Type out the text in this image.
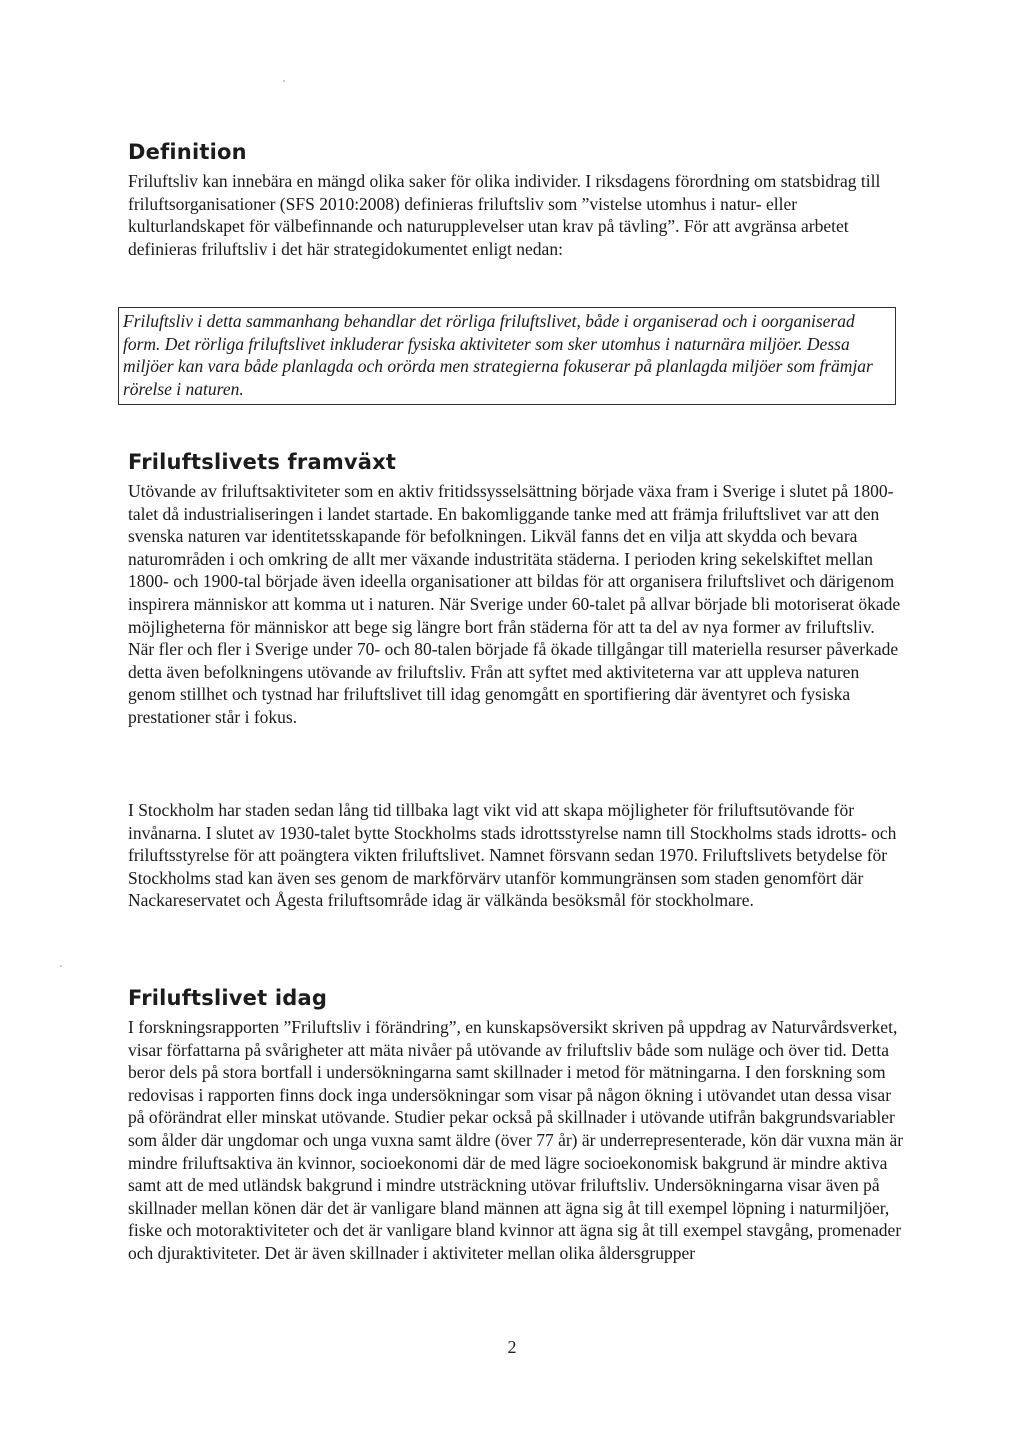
Definition

Friluftsliv kan innebära en mängd olika saker för olika individer. I riksdagens förordning om statsbidrag till friluftsorganisationer (SFS 2010:2008) definieras friluftsliv som ”vistelse utomhus i natur- eller kulturlandskapet för välbefinnande och naturupplevelser utan krav på tävling”. För att avgränsa arbetet definieras friluftsliv i det här strategidokumentet enligt nedan:

Friluftsliv i detta sammanhang behandlar det rörliga friluftslivet, både i organiserad och i oorganiserad form. Det rörliga friluftslivet inkluderar fysiska aktiviteter som sker utomhus i naturnära miljöer. Dessa miljöer kan vara både planlagda och orörda men strategierna fokuserar på planlagda miljöer som främjar rörelse i naturen.

Friluftslivets framväxt

Utövande av friluftsaktiviteter som en aktiv fritidssysselsättning började växa fram i Sverige i slutet på 1800-talet då industrialiseringen i landet startade. En bakomliggande tanke med att främja friluftslivet var att den svenska naturen var identitetsskapande för befolkningen. Likväl fanns det en vilja att skydda och bevara naturområden i och omkring de allt mer växande industritäta städerna. I perioden kring sekelskiftet mellan 1800- och 1900-tal började även ideella organisationer att bildas för att organisera friluftslivet och därigenom inspirera människor att komma ut i naturen. När Sverige under 60-talet på allvar började bli motoriserat ökade möjligheterna för människor att bege sig längre bort från städerna för att ta del av nya former av friluftsliv. När fler och fler i Sverige under 70- och 80-talen började få ökade tillgångar till materiella resurser påverkade detta även befolkningens utövande av friluftsliv. Från att syftet med aktiviteterna var att uppleva naturen genom stillhet och tystnad har friluftslivet till idag genomgått en sportifiering där äventyret och fysiska prestationer står i fokus.

I Stockholm har staden sedan lång tid tillbaka lagt vikt vid att skapa möjligheter för friluftsutövande för invånarna. I slutet av 1930-talet bytte Stockholms stads idrottsstyrelse namn till Stockholms stads idrotts- och friluftsstyrelse för att poängtera vikten friluftslivet. Namnet försvann sedan 1970. Friluftslivets betydelse för Stockholms stad kan även ses genom de markförvärv utanför kommungränsen som staden genomfört där Nackareservatet och Ågesta friluftsområde idag är välkända besöksmål för stockholmare.

Friluftslivet idag

I forskningsrapporten ”Friluftsliv i förändring”, en kunskapsöversikt skriven på uppdrag av Naturvårdsverket, visar författarna på svårigheter att mäta nivåer på utövande av friluftsliv både som nuläge och över tid. Detta beror dels på stora bortfall i undersökningarna samt skillnader i metod för mätningarna. I den forskning som redovisas i rapporten finns dock inga undersökningar som visar på någon ökning i utövandet utan dessa visar på oförändrat eller minskat utövande. Studier pekar också på skillnader i utövande utifrån bakgrundsvariabler som ålder där ungdomar och unga vuxna samt äldre (över 77 år) är underrepresenterade, kön där vuxna män är mindre friluftsaktiva än kvinnor, socioekonomi där de med lägre socioekonomisk bakgrund är mindre aktiva samt att de med utländsk bakgrund i mindre utsträckning utövar friluftsliv. Undersökningarna visar även på skillnader mellan könen där det är vanligare bland männen att ägna sig åt till exempel löpning i naturmiljöer, fiske och motoraktiviteter och det är vanligare bland kvinnor att ägna sig åt till exempel stavgång, promenader och djuraktiviteter. Det är även skillnader i aktiviteter mellan olika åldersgrupper

2
